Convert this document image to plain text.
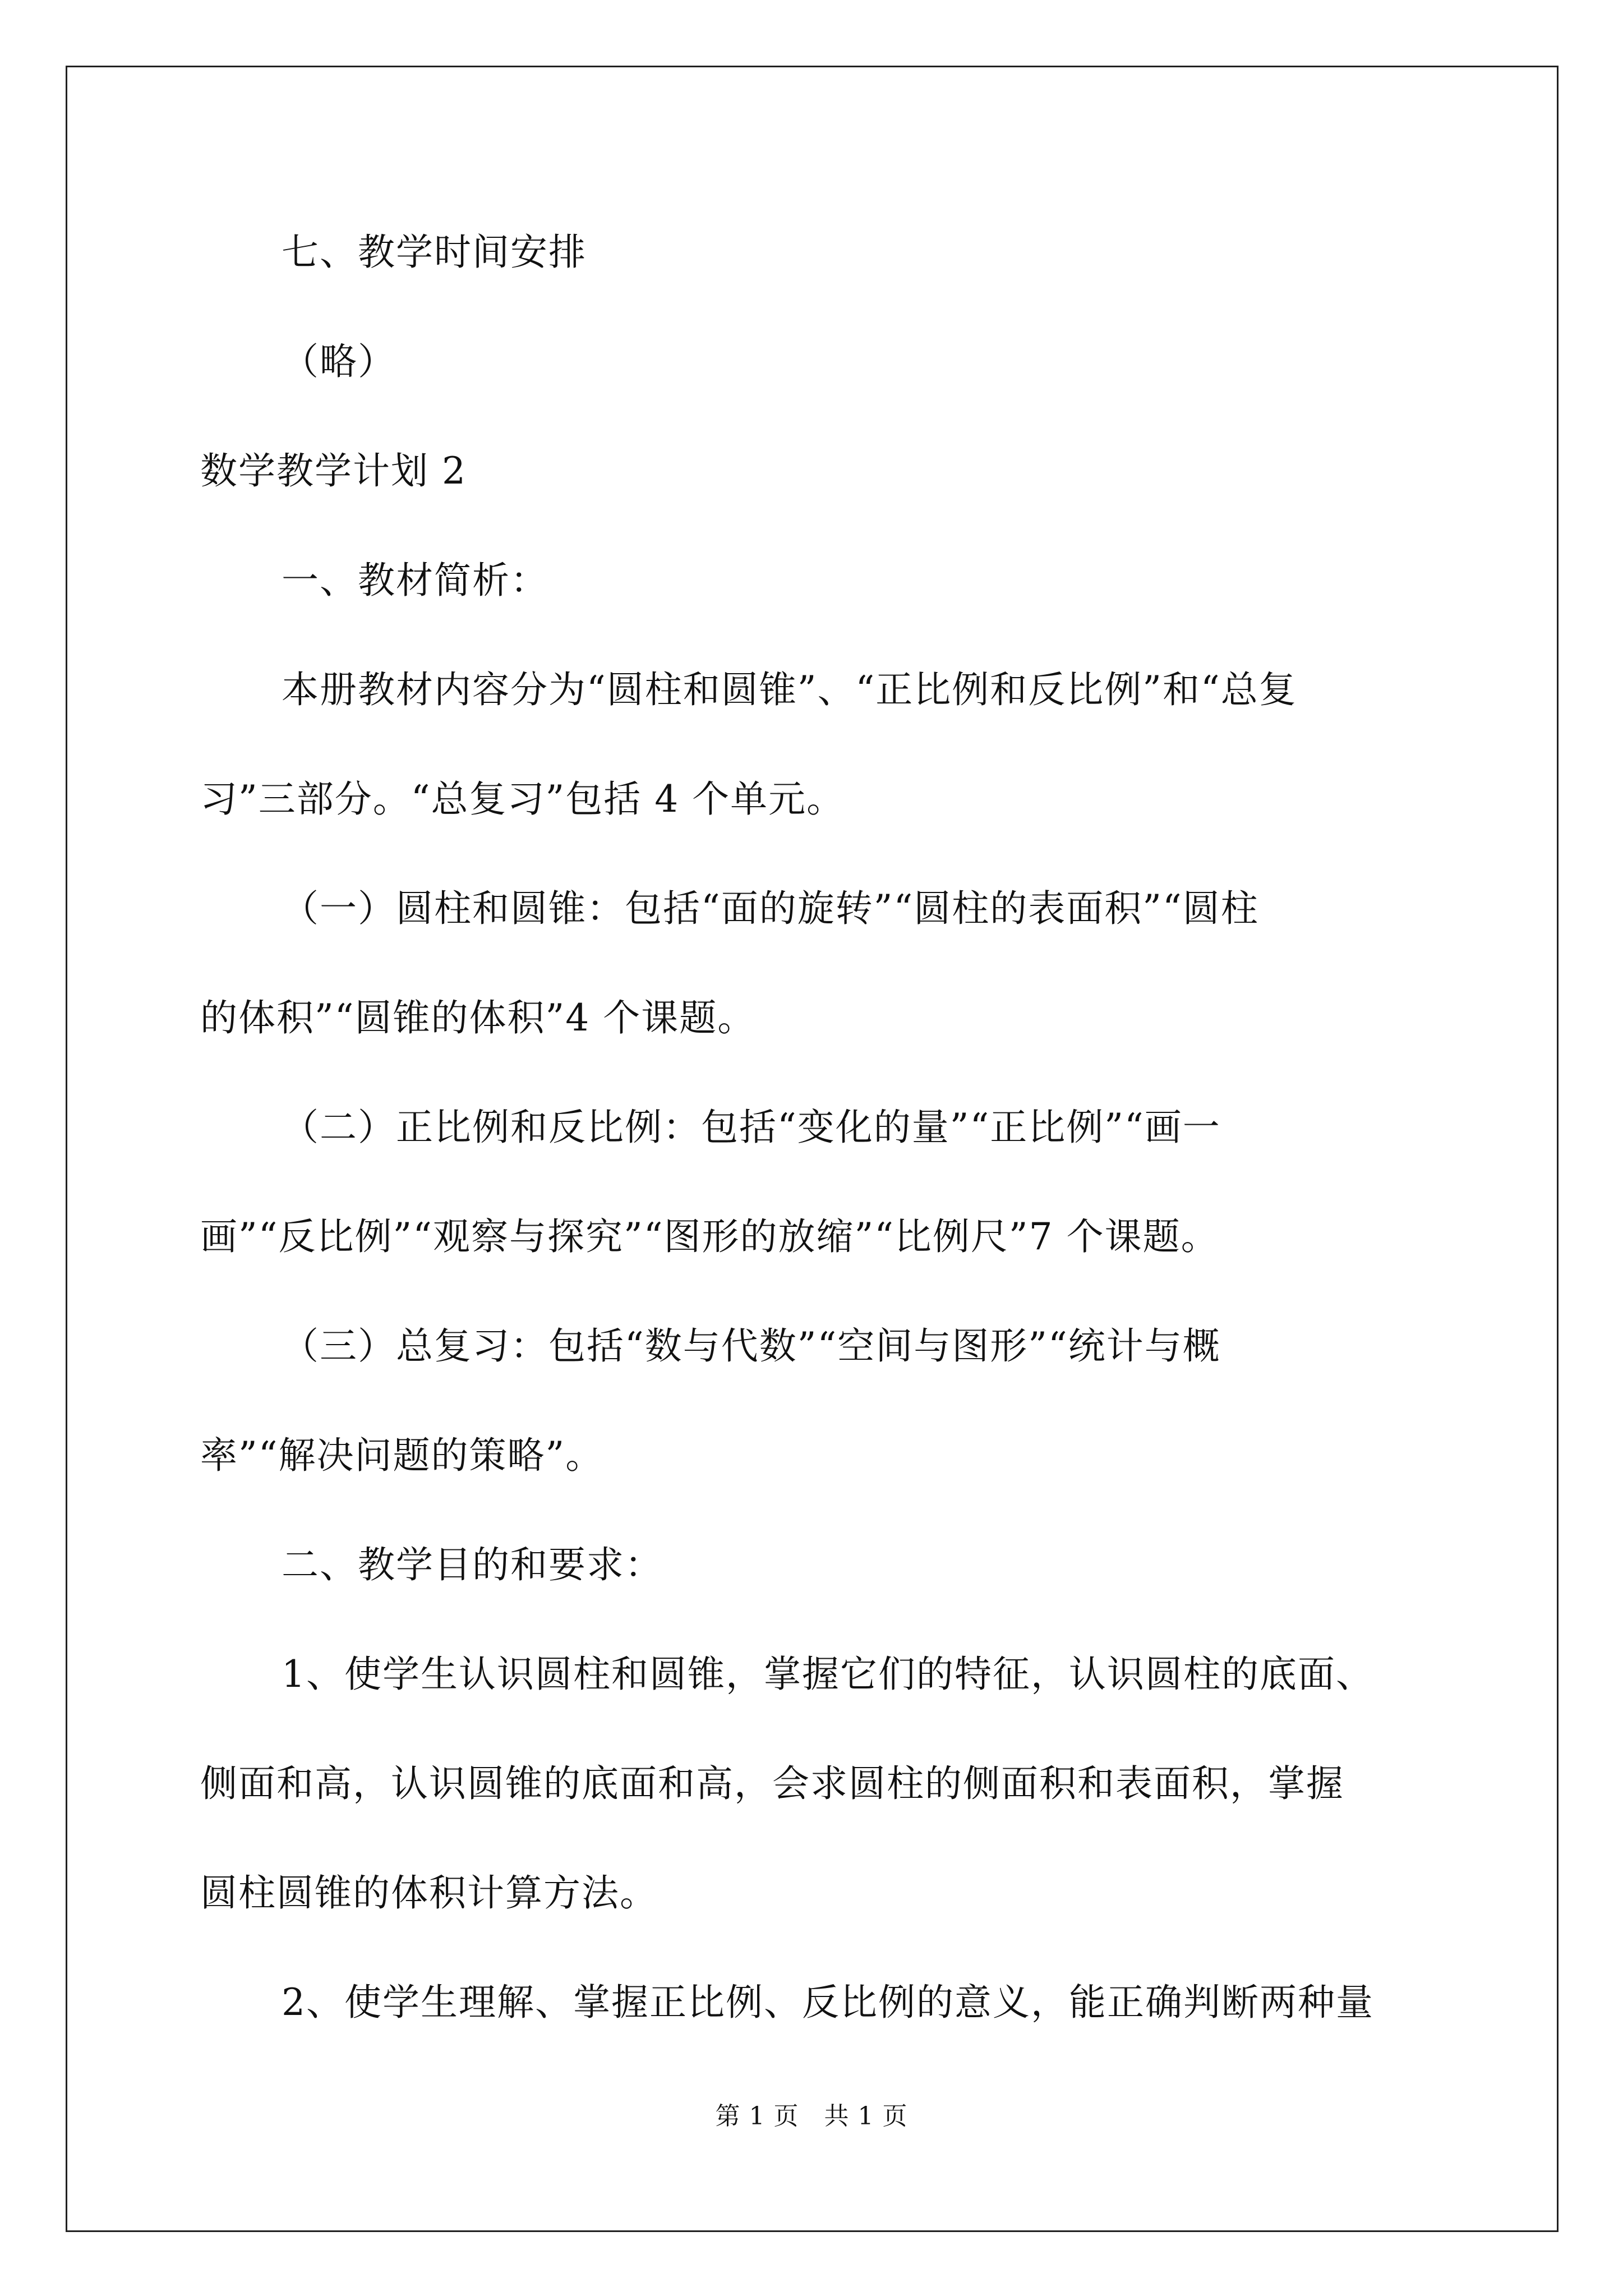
七、教学时间安排
（略）
数学教学计划 2
一、教材简析：
本册教材内容分为“圆柱和圆锥”、“正比例和反比例”和“总复
习”三部分。“总复习”包括 4 个单元。
（一）圆柱和圆锥：包括“面的旋转”“圆柱的表面积”“圆柱
的体积”“圆锥的体积”4 个课题。
（二）正比例和反比例：包括“变化的量”“正比例”“画一
画”“反比例”“观察与探究”“图形的放缩”“比例尺”7 个课题。
（三）总复习：包括“数与代数”“空间与图形”“统计与概
率”“解决问题的策略”。
二、教学目的和要求：
1、使学生认识圆柱和圆锥，掌握它们的特征，认识圆柱的底面、
侧面和高，认识圆锥的底面和高，会求圆柱的侧面积和表面积，掌握
圆柱圆锥的体积计算方法。
2、使学生理解、掌握正比例、反比例的意义，能正确判断两种量
第 1 页　共 1 页
